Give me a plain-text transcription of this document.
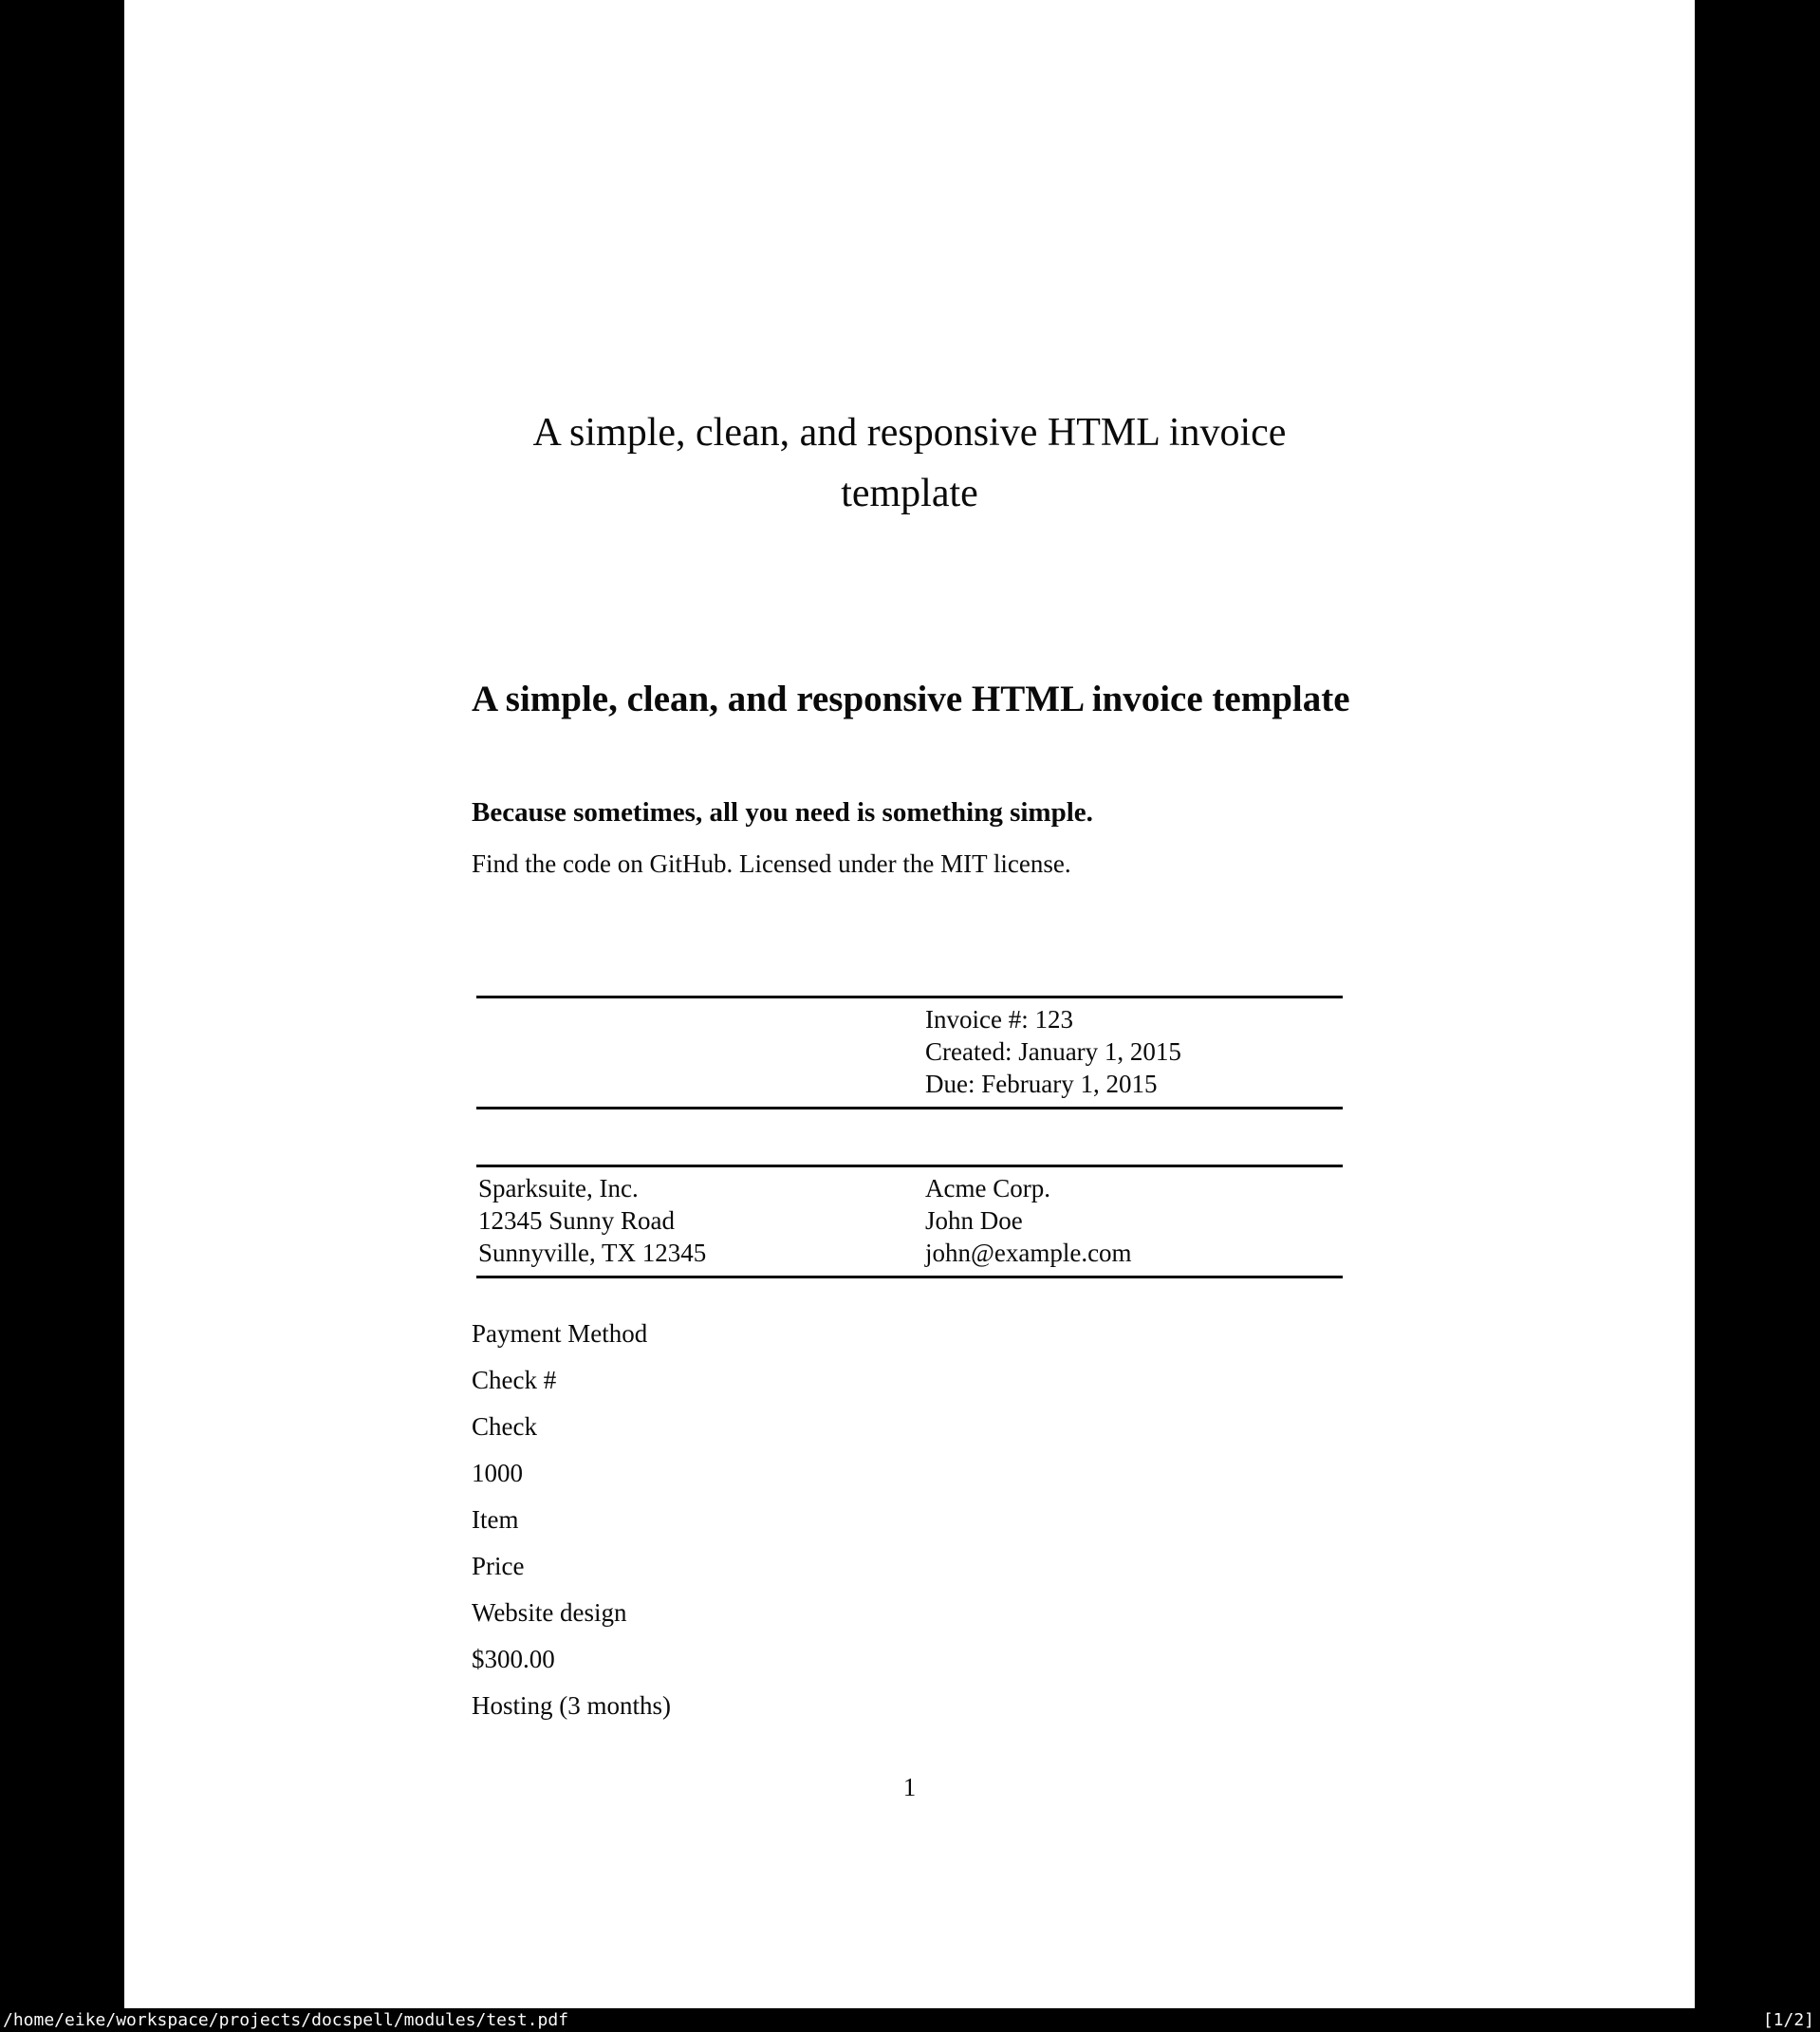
A simple, clean, and responsive HTML invoice template
A simple, clean, and responsive HTML invoice template
Because sometimes, all you need is something simple.
Find the code on GitHub. Licensed under the MIT license.
Invoice #: 123
Created: January 1, 2015
Due: February 1, 2015
Sparksuite, Inc.
12345 Sunny Road
Sunnyville, TX 12345
Acme Corp.
John Doe
john@example.com
Payment Method
Check #
Check
1000
Item
Price
Website design
$300.00
Hosting (3 months)
1
/home/eike/workspace/projects/docspell/modules/test.pdf	[1/2]
